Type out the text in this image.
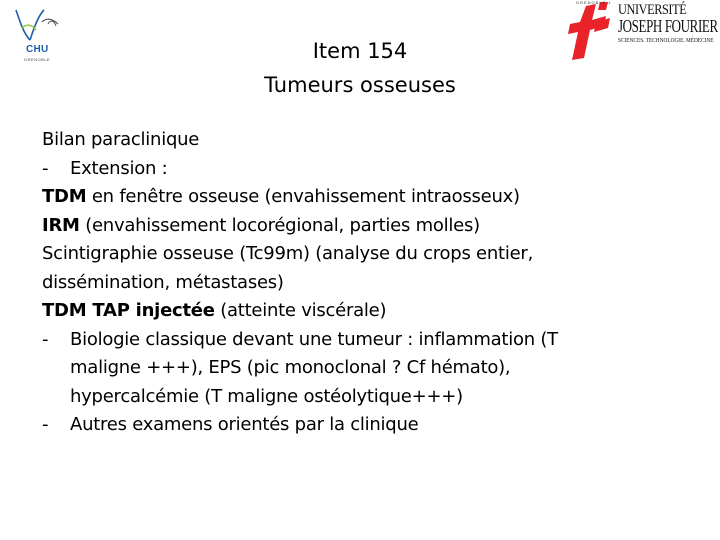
CHU
GRENOBLE
GRENOBLE 1 UNIVERSITÉ
JOSEPH FOURIER
SCIENCES. TECHNOLOGIE. MÉDECINE
Item 154
Tumeurs osseuses
Bilan paraclinique
-	Extension :
TDM en fenêtre osseuse (envahissement intraosseux)
IRM (envahissement locorégional, parties molles)
Scintigraphie osseuse (Tc99m) (analyse du crops entier,
dissémination, métastases)
TDM TAP injectée (atteinte viscérale)
-	Biologie classique devant une tumeur : inflammation (T
maligne +++), EPS (pic monoclonal ? Cf hémato),
hypercalcémie (T maligne ostéolytique+++)
-	Autres examens orientés par la clinique
